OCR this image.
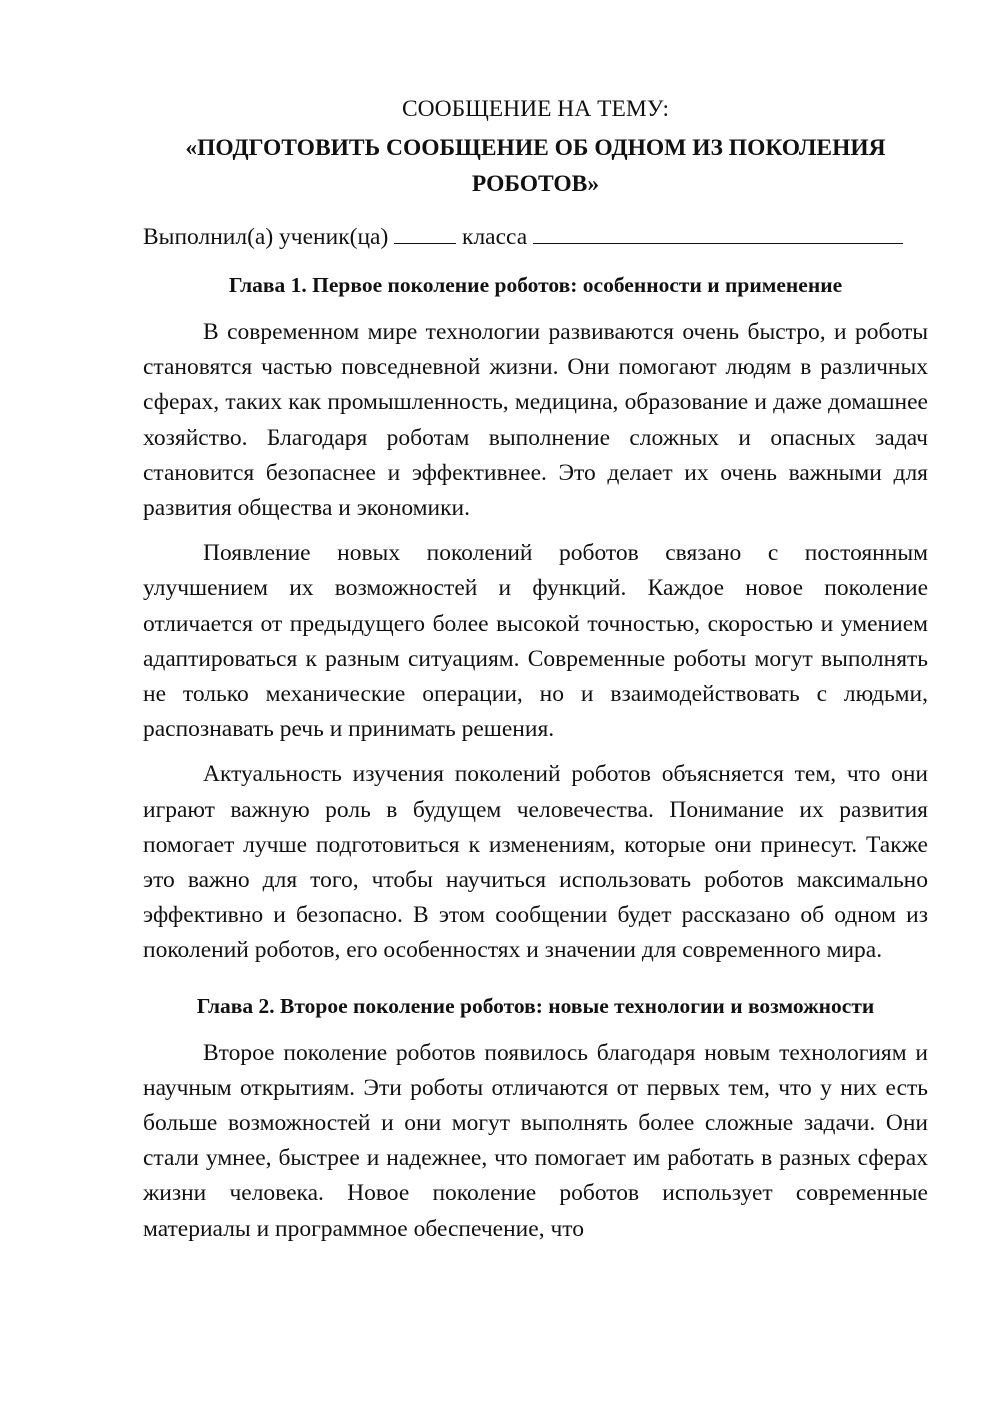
СООБЩЕНИЕ НА ТЕМУ:
«ПОДГОТОВИТЬ СООБЩЕНИЕ ОБ ОДНОМ ИЗ ПОКОЛЕНИЯ РОБОТОВ»
Выполнил(а) ученик(ца)	класса
Глава 1. Первое поколение роботов: особенности и применение

В современном мире технологии развиваются очень быстро, и роботы становятся частью повседневной жизни. Они помогают людям в различных сферах, таких как промышленность, медицина, образование и даже домашнее хозяйство. Благодаря роботам выполнение сложных и опасных задач становится безопаснее и эффективнее. Это делает их очень важными для развития общества и экономики.

Появление новых поколений роботов связано с постоянным улучшением их возможностей и функций. Каждое новое поколение отличается от предыдущего более высокой точностью, скоростью и умением адаптироваться к разным ситуациям. Современные роботы могут выполнять не только механические операции, но и взаимодействовать с людьми, распознавать речь и принимать решения.

Актуальность изучения поколений роботов объясняется тем, что они играют важную роль в будущем человечества. Понимание их развития помогает лучше подготовиться к изменениям, которые они принесут. Также это важно для того, чтобы научиться использовать роботов максимально эффективно и безопасно. В этом сообщении будет рассказано об одном из поколений роботов, его особенностях и значении для современного мира.

Глава 2. Второе поколение роботов: новые технологии и возможности

Второе поколение роботов появилось благодаря новым технологиям и научным открытиям. Эти роботы отличаются от первых тем, что у них есть больше возможностей и они могут выполнять более сложные задачи. Они стали умнее, быстрее и надежнее, что помогает им работать в разных сферах жизни человека. Новое поколение роботов использует современные материалы и программное обеспечение, что
